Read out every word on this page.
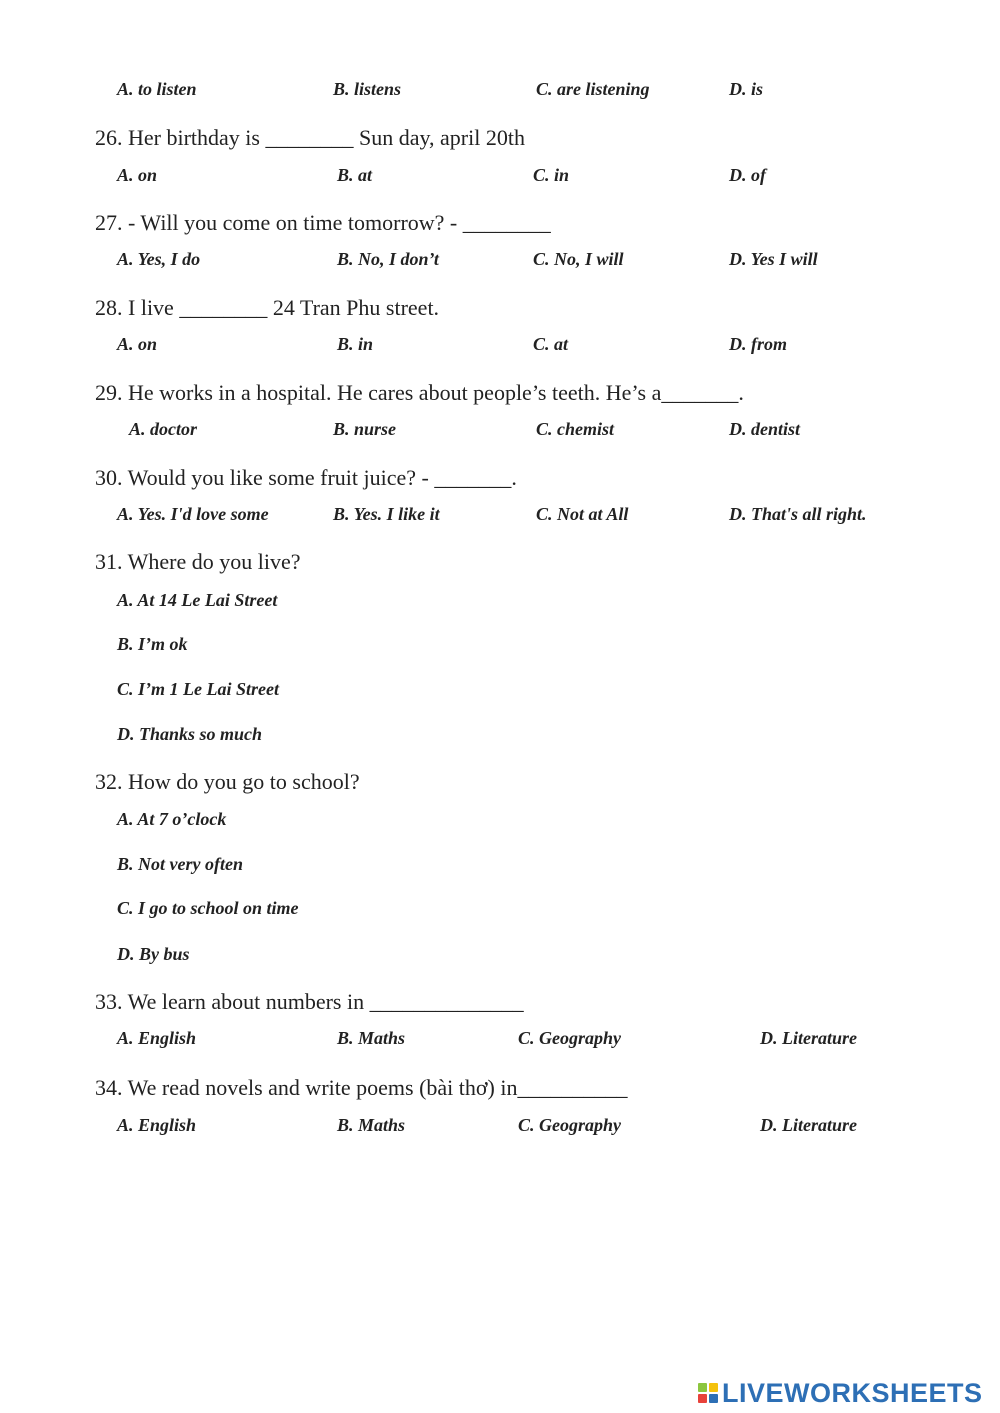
A. to listen	B. listens	C. are listening	D. is
26. Her birthday is ________ Sun day, april 20th
A. on	B. at	C. in	D. of
27. - Will you come on time tomorrow? - ________
A. Yes, I do	B. No, I don’t	C. No, I will	D. Yes I will
28. I live ________ 24 Tran Phu street.
A. on	B. in	C. at	D. from
29. He works in a hospital. He cares about people’s teeth. He’s a_______.
A. doctor	B. nurse	C. chemist	D. dentist
30. Would you like some fruit juice? - _______.
A. Yes. I'd love some	B. Yes. I like it	C. Not at All	D. That's all right.
31. Where do you live?
A. At 14 Le Lai Street
B. I’m ok
C. I’m 1 Le Lai Street
D. Thanks so much
32. How do you go to school?
A. At 7 o’clock
B. Not very often
C. I go to school on time
D. By bus
33. We learn about numbers in ______________
A. English	B. Maths	C. Geography	D. Literature
34. We read novels and write poems (bài thơ) in__________
A. English	B. Maths	C. Geography	D. Literature
LIVEWORKSHEETS
